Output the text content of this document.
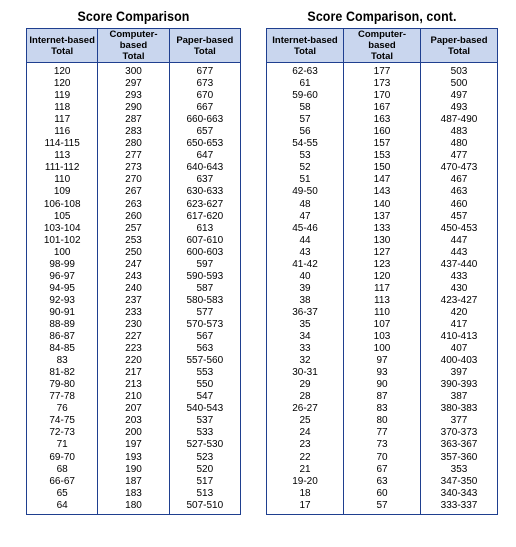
Score Comparison
Internet-based
Total	Computer-based
Total	Paper-based
Total
120	300	677
120	297	673
119	293	670
118	290	667
117	287	660-663
116	283	657
114-115	280	650-653
113	277	647
111-112	273	640-643
110	270	637
109	267	630-633
106-108	263	623-627
105	260	617-620
103-104	257	613
101-102	253	607-610
100	250	600-603
98-99	247	597
96-97	243	590-593
94-95	240	587
92-93	237	580-583
90-91	233	577
88-89	230	570-573
86-87	227	567
84-85	223	563
83	220	557-560
81-82	217	553
79-80	213	550
77-78	210	547
76	207	540-543
74-75	203	537
72-73	200	533
71	197	527-530
69-70	193	523
68	190	520
66-67	187	517
65	183	513
64	180	507-510
Score Comparison, cont.
Internet-based
Total	Computer-based
Total	Paper-based
Total
62-63	177	503
61	173	500
59-60	170	497
58	167	493
57	163	487-490
56	160	483
54-55	157	480
53	153	477
52	150	470-473
51	147	467
49-50	143	463
48	140	460
47	137	457
45-46	133	450-453
44	130	447
43	127	443
41-42	123	437-440
40	120	433
39	117	430
38	113	423-427
36-37	110	420
35	107	417
34	103	410-413
33	100	407
32	97	400-403
30-31	93	397
29	90	390-393
28	87	387
26-27	83	380-383
25	80	377
24	77	370-373
23	73	363-367
22	70	357-360
21	67	353
19-20	63	347-350
18	60	340-343
17	57	333-337
